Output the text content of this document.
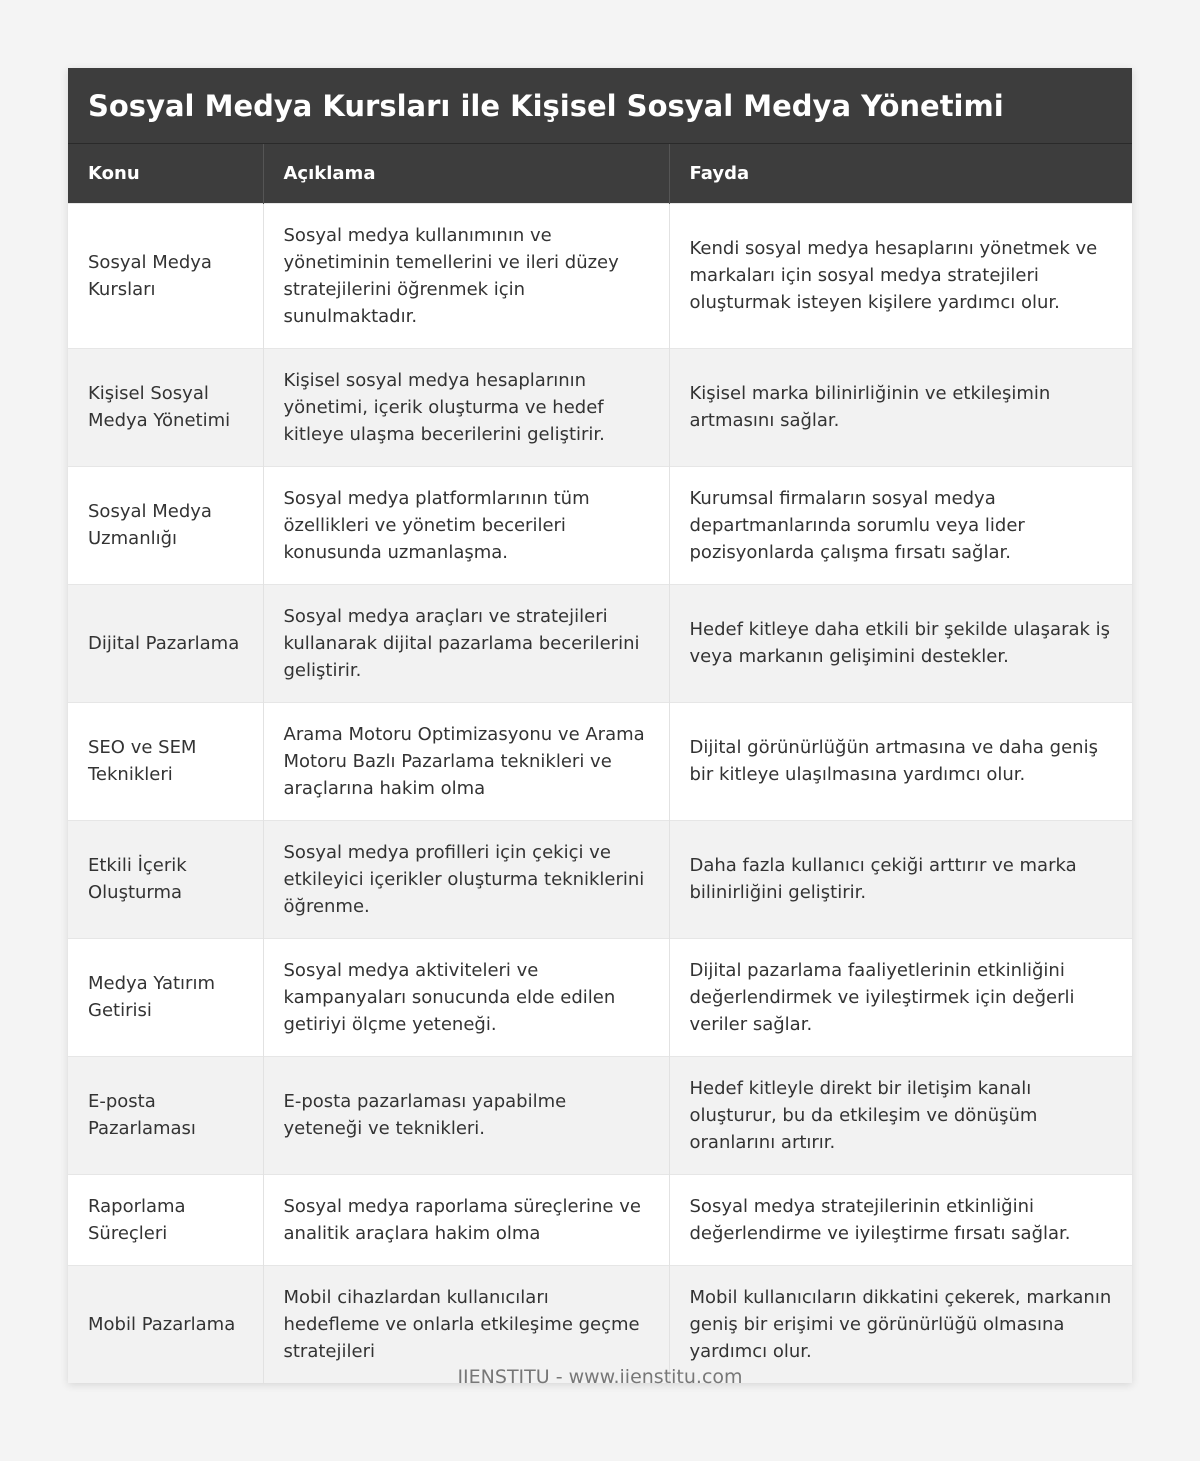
Sosyal Medya Kursları ile Kişisel Sosyal Medya Yönetimi
Konu	Açıklama	Fayda
Sosyal Medya Kursları	Sosyal medya kullanımının ve yönetiminin temellerini ve ileri düzey stratejilerini öğrenmek için sunulmaktadır.	Kendi sosyal medya hesaplarını yönetmek ve markaları için sosyal medya stratejileri oluşturmak isteyen kişilere yardımcı olur.
Kişisel Sosyal Medya Yönetimi	Kişisel sosyal medya hesaplarının yönetimi, içerik oluşturma ve hedef kitleye ulaşma becerilerini geliştirir.	Kişisel marka bilinirliğinin ve etkileşimin artmasını sağlar.
Sosyal Medya Uzmanlığı	Sosyal medya platformlarının tüm özellikleri ve yönetim becerileri konusunda uzmanlaşma.	Kurumsal firmaların sosyal medya departmanlarında sorumlu veya lider pozisyonlarda çalışma fırsatı sağlar.
Dijital Pazarlama	Sosyal medya araçları ve stratejileri kullanarak dijital pazarlama becerilerini geliştirir.	Hedef kitleye daha etkili bir şekilde ulaşarak iş veya markanın gelişimini destekler.
SEO ve SEM Teknikleri	Arama Motoru Optimizasyonu ve Arama Motoru Bazlı Pazarlama teknikleri ve araçlarına hakim olma	Dijital görünürlüğün artmasına ve daha geniş bir kitleye ulaşılmasına yardımcı olur.
Etkili İçerik Oluşturma	Sosyal medya profilleri için çekiçi ve etkileyici içerikler oluşturma tekniklerini öğrenme.	Daha fazla kullanıcı çekiği arttırır ve marka bilinirliğini geliştirir.
Medya Yatırım Getirisi	Sosyal medya aktiviteleri ve kampanyaları sonucunda elde edilen getiriyi ölçme yeteneği.	Dijital pazarlama faaliyetlerinin etkinliğini değerlendirmek ve iyileştirmek için değerli veriler sağlar.
E-posta Pazarlaması	E-posta pazarlaması yapabilme yeteneği ve teknikleri.	Hedef kitleyle direkt bir iletişim kanalı oluşturur, bu da etkileşim ve dönüşüm oranlarını artırır.
Raporlama Süreçleri	Sosyal medya raporlama süreçlerine ve analitik araçlara hakim olma	Sosyal medya stratejilerinin etkinliğini değerlendirme ve iyileştirme fırsatı sağlar.
Mobil Pazarlama	Mobil cihazlardan kullanıcıları hedefleme ve onlarla etkileşime geçme stratejileri	Mobil kullanıcıların dikkatini çekerek, markanın geniş bir erişimi ve görünürlüğü olmasına yardımcı olur.
IIENSTITU - www.iienstitu.com
